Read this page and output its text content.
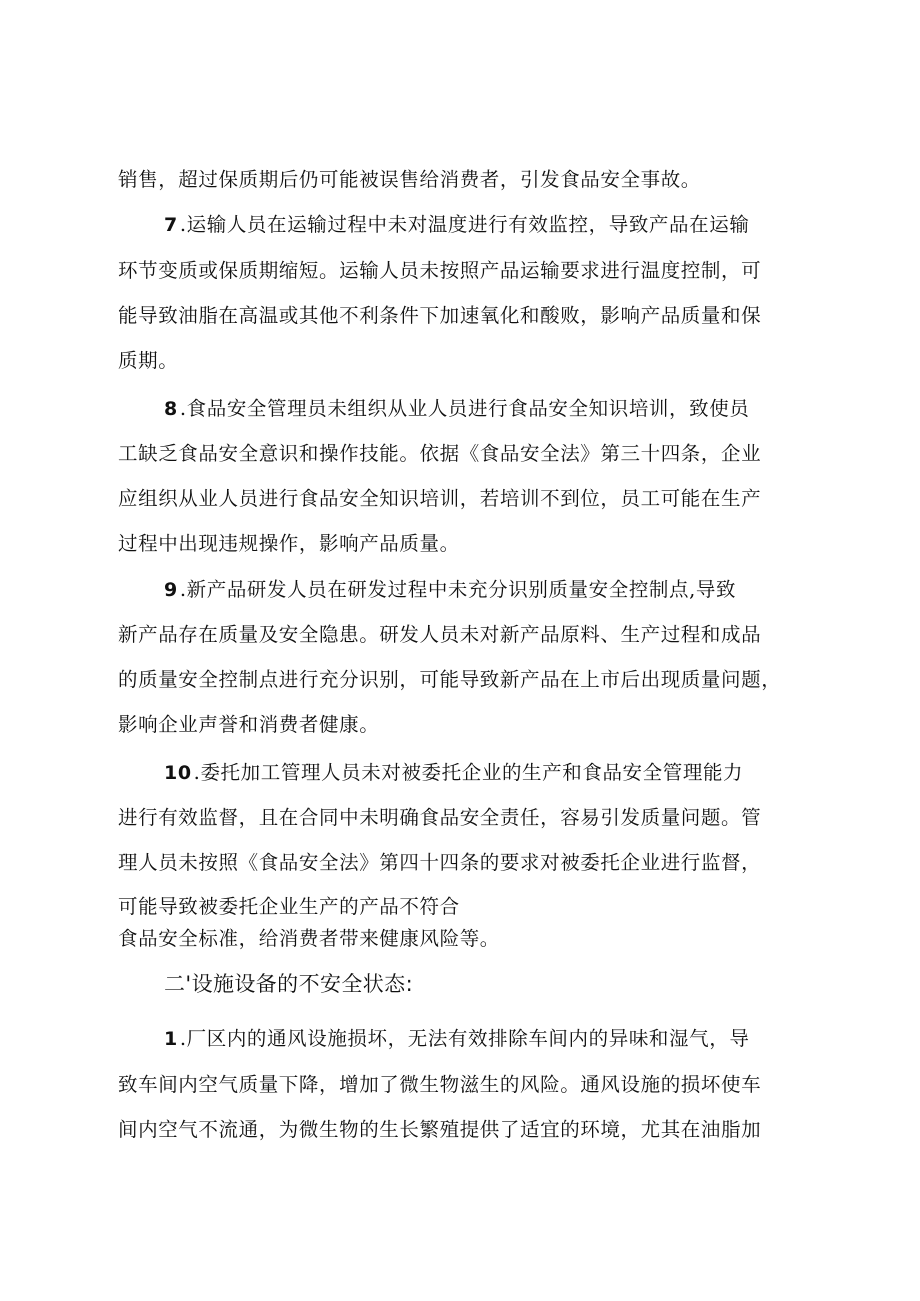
销售，超过保质期后仍可能被误售给消费者，引发食品安全事故。
7 .运输人员在运输过程中未对温度进行有效监控，导致产品在运输
环节变质或保质期缩短。运输人员未按照产品运输要求进行温度控制，可
能导致油脂在高温或其他不利条件下加速氧化和酸败，影响产品质量和保
质期。
8 .食品安全管理员未组织从业人员进行食品安全知识培训，致使员
工缺乏食品安全意识和操作技能。依据《食品安全法》第三十四条，企业
应组织从业人员进行食品安全知识培训，若培训不到位，员工可能在生产
过程中出现违规操作，影响产品质量。
9 .新产品研发人员在研发过程中未充分识别质量安全控制点,导致
新产品存在质量及安全隐患。研发人员未对新产品原料、生产过程和成品
的质量安全控制点进行充分识别，可能导致新产品在上市后出现质量问题，
影响企业声誉和消费者健康。
10 .委托加工管理人员未对被委托企业的生产和食品安全管理能力
进行有效监督，且在合同中未明确食品安全责任，容易引发质量问题。管
理人员未按照《食品安全法》第四十四条的要求对被委托企业进行监督，
可能导致被委托企业生产的产品不符合
食品安全标准，给消费者带来健康风险等。
二'设施设备的不安全状态:
1 .厂区内的通风设施损坏，无法有效排除车间内的异味和湿气，导
致车间内空气质量下降，增加了微生物滋生的风险。通风设施的损坏使车
间内空气不流通，为微生物的生长繁殖提供了适宜的环境，尤其在油脂加
